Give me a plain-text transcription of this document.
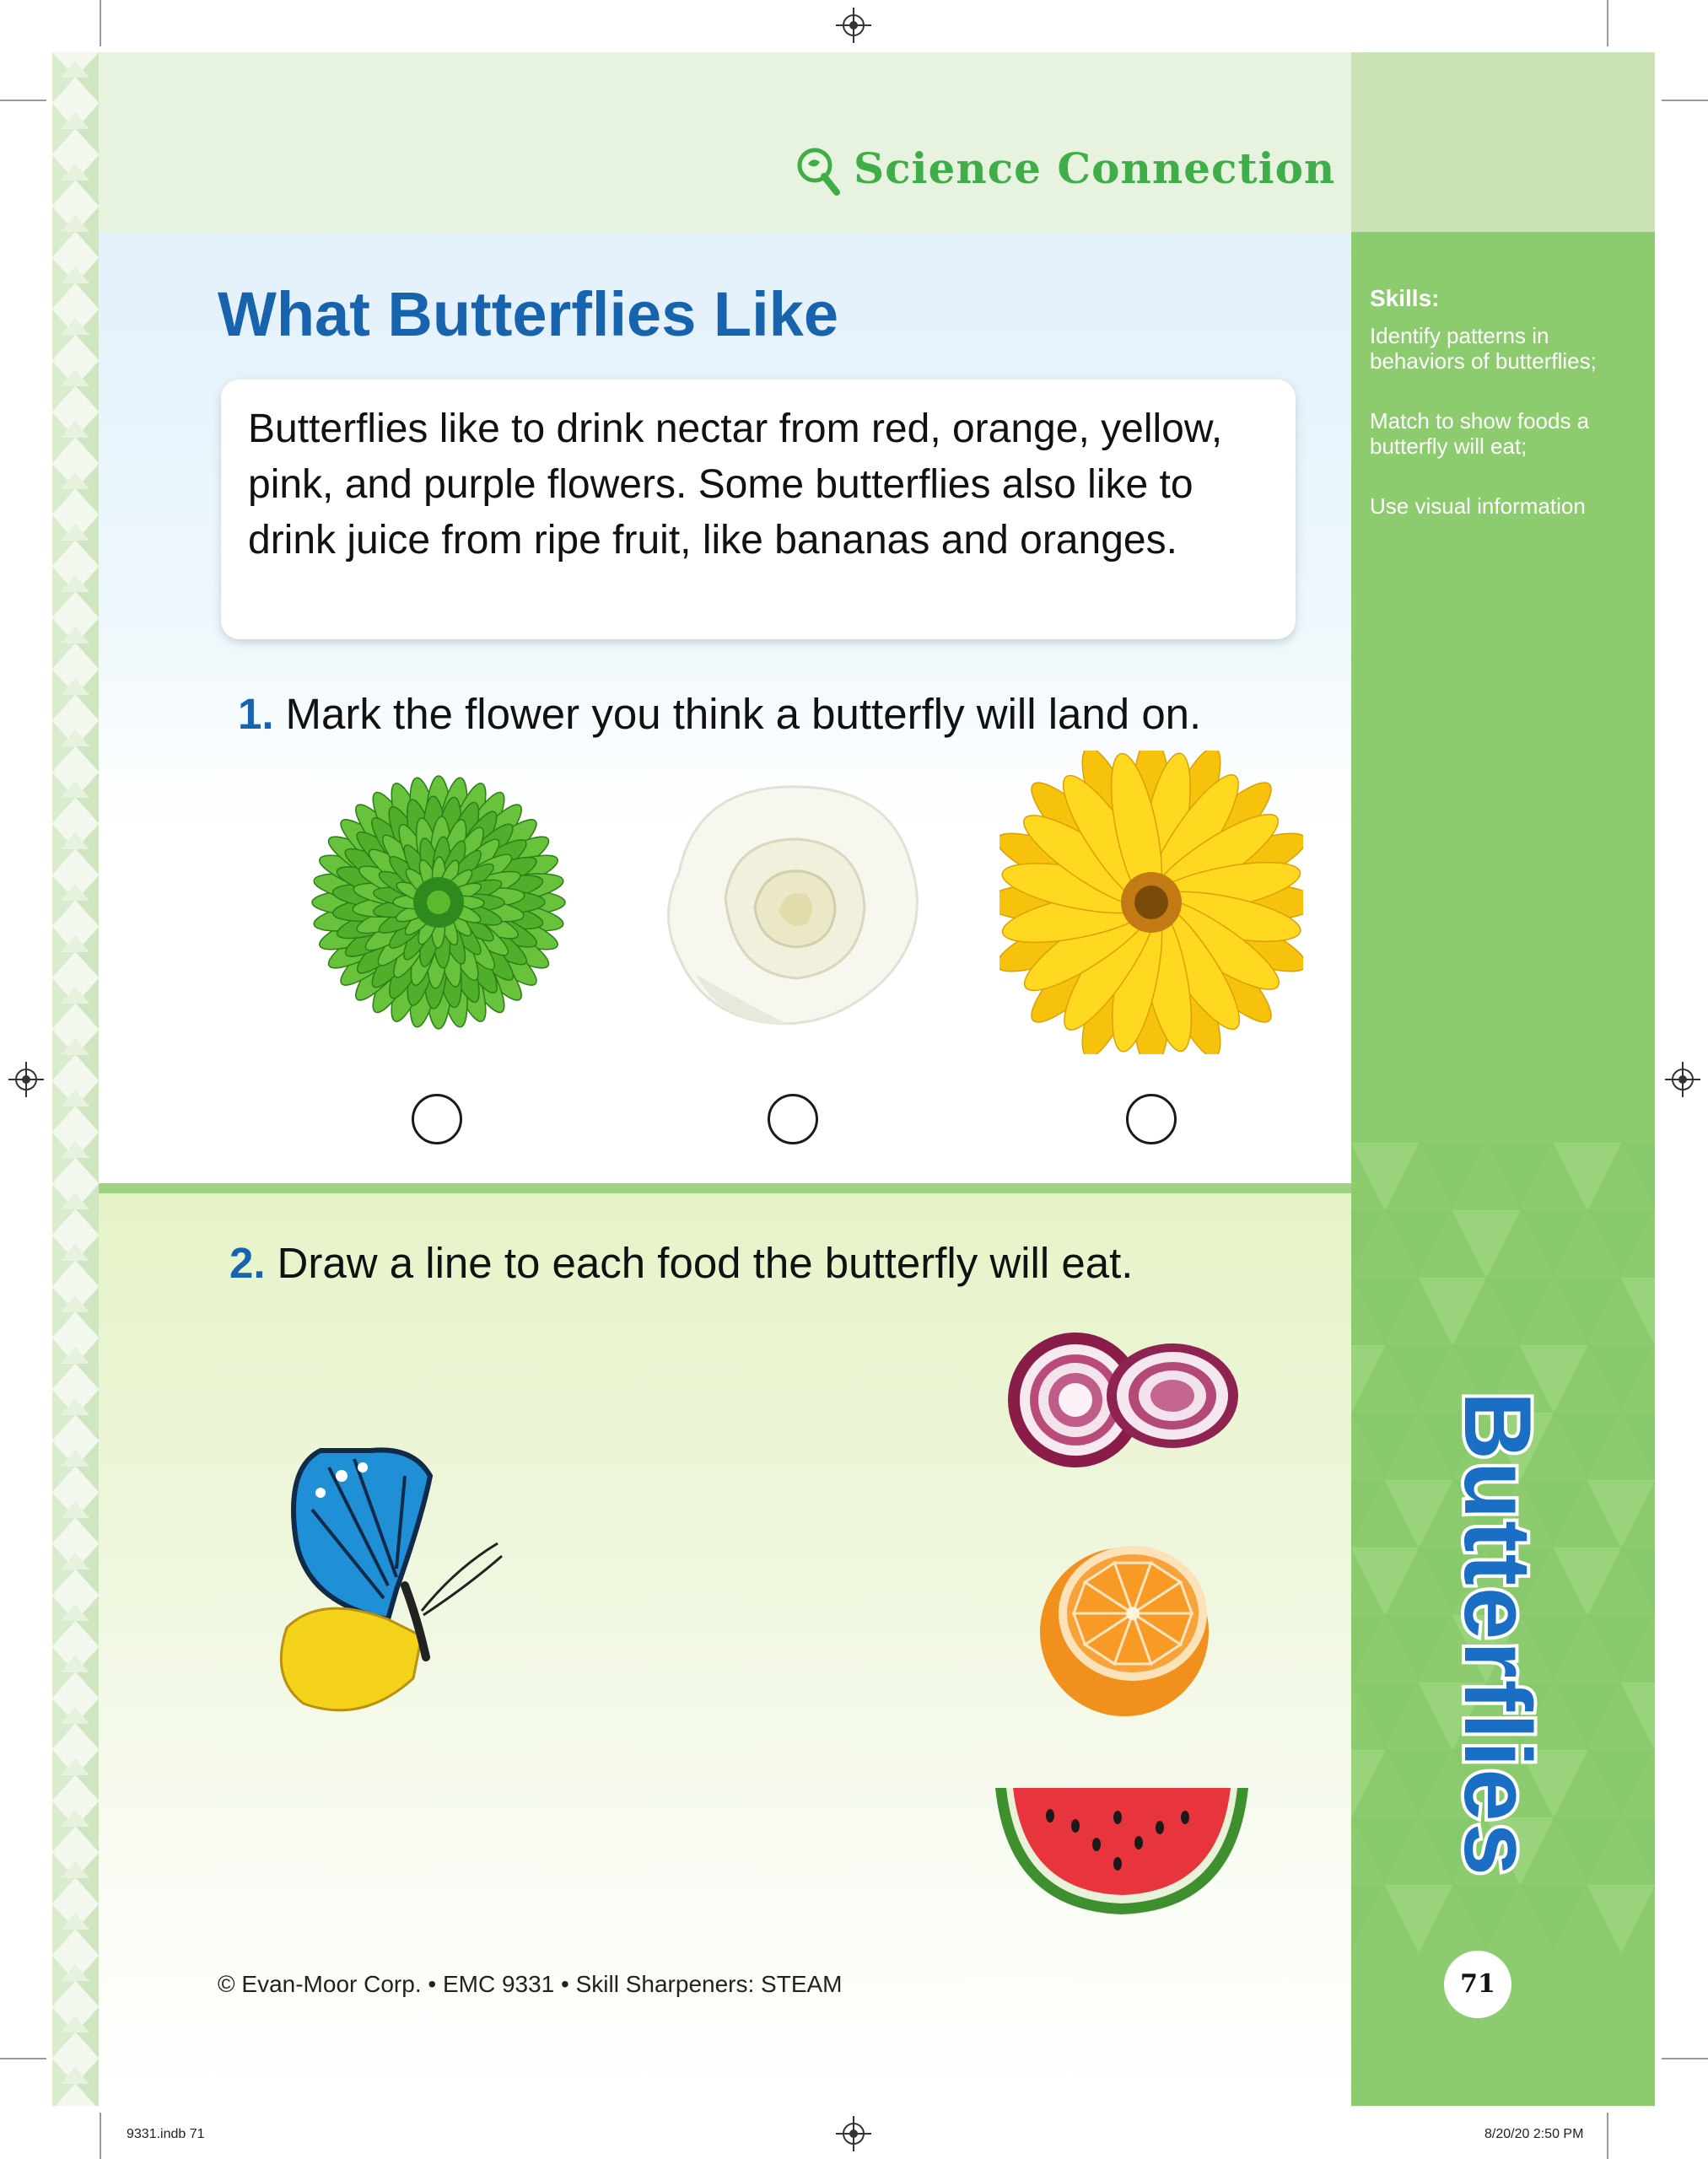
Science Connection
What Butterflies Like
Butterflies like to drink nectar from red, orange, yellow, pink, and purple flowers. Some butterflies also like to drink juice from ripe fruit, like bananas and oranges.
1. Mark the flower you think a butterfly will land on.
2. Draw a line to each food the butterfly will eat.
© Evan-Moor Corp. • EMC 9331 • Skill Sharpeners: STEAM
Skills:
Identify patterns in behaviors of butterflies;
Match to show foods a butterfly will eat;
Use visual information
Butterflies
71
9331.indb 71	8/20/20 2:50 PM
